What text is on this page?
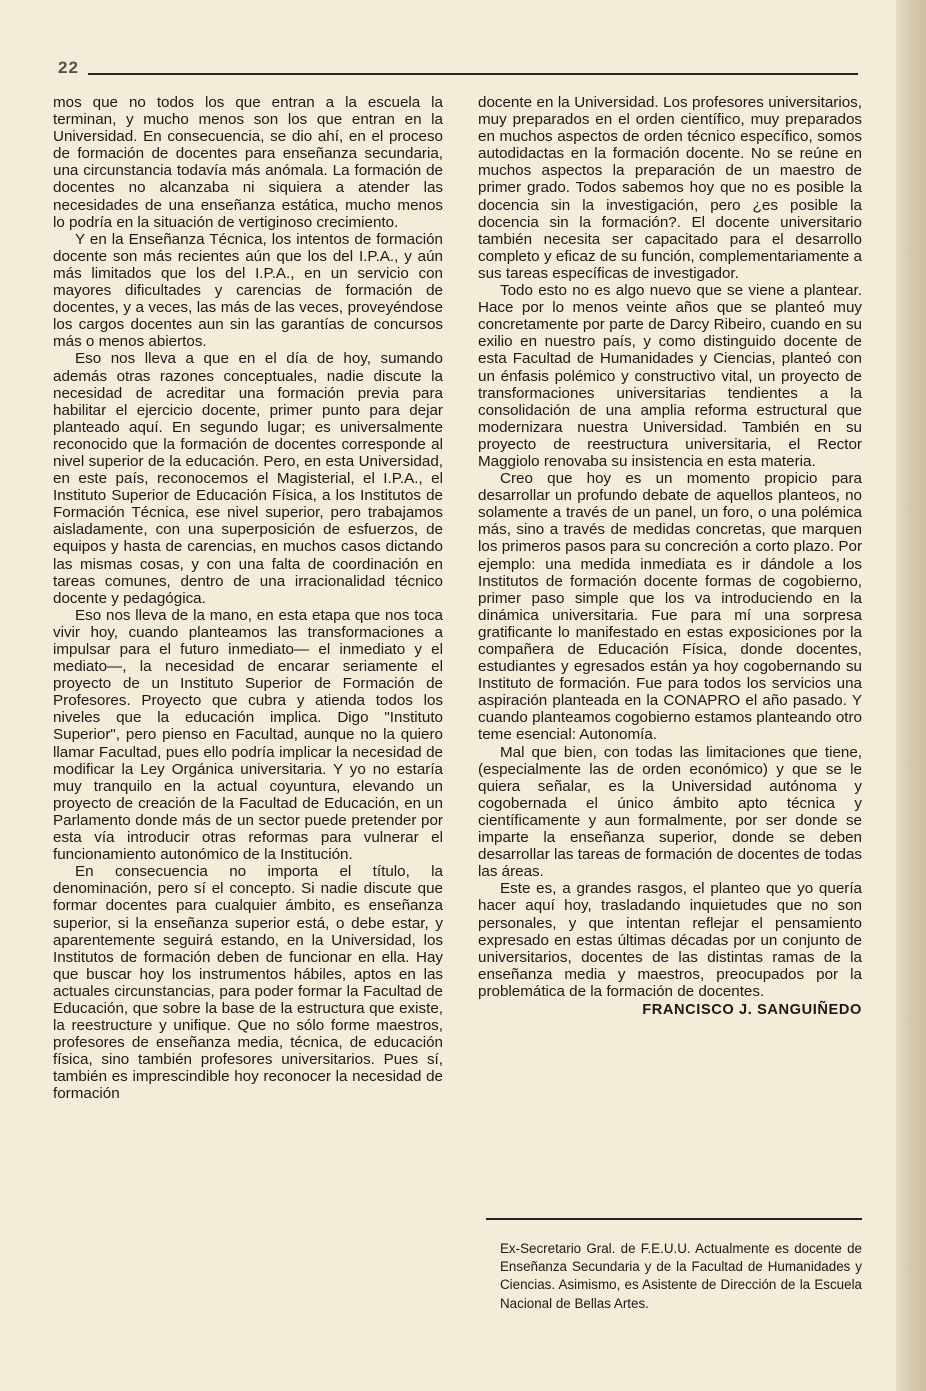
22

mos que no todos los que entran a la escuela la terminan, y mucho menos son los que entran en la Universidad. En consecuencia, se dio ahí, en el proceso de formación de docentes para enseñanza secundaria, una circunstancia todavía más anómala. La formación de docentes no alcanzaba ni siquiera a atender las necesidades de una enseñanza estática, mucho menos lo podría en la situación de vertiginoso crecimiento.

Y en la Enseñanza Técnica, los intentos de formación docente son más recientes aún que los del I.P.A., y aún más limitados que los del I.P.A., en un servicio con mayores dificultades y carencias de formación de docentes, y a veces, las más de las veces, proveyéndose los cargos docentes aun sin las garantías de concursos más o menos abiertos.

Eso nos lleva a que en el día de hoy, sumando además otras razones conceptuales, nadie discute la necesidad de acreditar una formación previa para habilitar el ejercicio docente, primer punto para dejar planteado aquí. En segundo lugar; es universalmente reconocido que la formación de docentes corresponde al nivel superior de la educación. Pero, en esta Universidad, en este país, reconocemos el Magisterial, el I.P.A., el Instituto Superior de Educación Física, a los Institutos de Formación Técnica, ese nivel superior, pero trabajamos aisladamente, con una superposición de esfuerzos, de equipos y hasta de carencias, en muchos casos dictando las mismas cosas, y con una falta de coordinación en tareas comunes, dentro de una irracionalidad técnico docente y pedagógica.

Eso nos lleva de la mano, en esta etapa que nos toca vivir hoy, cuando planteamos las transformaciones a impulsar para el futuro inmediato— el inmediato y el mediato—, la necesidad de encarar seriamente el proyecto de un Instituto Superior de Formación de Profesores. Proyecto que cubra y atienda todos los niveles que la educación implica. Digo "Instituto Superior", pero pienso en Facultad, aunque no la quiero llamar Facultad, pues ello podría implicar la necesidad de modificar la Ley Orgánica universitaria. Y yo no estaría muy tranquilo en la actual coyuntura, elevando un proyecto de creación de la Facultad de Educación, en un Parlamento donde más de un sector puede pretender por esta vía introducir otras reformas para vulnerar el funcionamiento autonómico de la Institución.

En consecuencia no importa el título, la denominación, pero sí el concepto. Si nadie discute que formar docentes para cualquier ámbito, es enseñanza superior, si la enseñanza superior está, o debe estar, y aparentemente seguirá estando, en la Universidad, los Institutos de formación deben de funcionar en ella. Hay que buscar hoy los instrumentos hábiles, aptos en las actuales circunstancias, para poder formar la Facultad de Educación, que sobre la base de la estructura que existe, la reestructure y unifique. Que no sólo forme maestros, profesores de enseñanza media, técnica, de educación física, sino también profesores universitarios. Pues sí, también es imprescindible hoy reconocer la necesidad de formación

docente en la Universidad. Los profesores universitarios, muy preparados en el orden científico, muy preparados en muchos aspectos de orden técnico específico, somos autodidactas en la formación docente. No se reúne en muchos aspectos la preparación de un maestro de primer grado. Todos sabemos hoy que no es posible la docencia sin la investigación, pero ¿es posible la docencia sin la formación?. El docente universitario también necesita ser capacitado para el desarrollo completo y eficaz de su función, complementariamente a sus tareas específicas de investigador.

Todo esto no es algo nuevo que se viene a plantear. Hace por lo menos veinte años que se planteó muy concretamente por parte de Darcy Ribeiro, cuando en su exilio en nuestro país, y como distinguido docente de esta Facultad de Humanidades y Ciencias, planteó con un énfasis polémico y constructivo vital, un proyecto de transformaciones universitarias tendientes a la consolidación de una amplia reforma estructural que modernizara nuestra Universidad. También en su proyecto de reestructura universitaria, el Rector Maggiolo renovaba su insistencia en esta materia.

Creo que hoy es un momento propicio para desarrollar un profundo debate de aquellos planteos, no solamente a través de un panel, un foro, o una polémica más, sino a través de medidas concretas, que marquen los primeros pasos para su concreción a corto plazo. Por ejemplo: una medida inmediata es ir dándole a los Institutos de formación docente formas de cogobierno, primer paso simple que los va introduciendo en la dinámica universitaria. Fue para mí una sorpresa gratificante lo manifestado en estas exposiciones por la compañera de Educación Física, donde docentes, estudiantes y egresados están ya hoy cogobernando su Instituto de formación. Fue para todos los servicios una aspiración planteada en la CONAPRO el año pasado. Y cuando planteamos cogobierno estamos planteando otro teme esencial: Autonomía.

Mal que bien, con todas las limitaciones que tiene, (especialmente las de orden económico) y que se le quiera señalar, es la Universidad autónoma y cogobernada el único ámbito apto técnica y científicamente y aun formalmente, por ser donde se imparte la enseñanza superior, donde se deben desarrollar las tareas de formación de docentes de todas las áreas.

Este es, a grandes rasgos, el planteo que yo quería hacer aquí hoy, trasladando inquietudes que no son personales, y que intentan reflejar el pensamiento expresado en estas últimas décadas por un conjunto de universitarios, docentes de las distintas ramas de la enseñanza media y maestros, preocupados por la problemática de la formación de docentes.

FRANCISCO J. SANGUIÑEDO
Ex-Secretario Gral. de F.E.U.U. Actualmente es docente de Enseñanza Secundaria y de la Facultad de Humanidades y Ciencias. Asimismo, es Asistente de Dirección de la Escuela Nacional de Bellas Artes.
